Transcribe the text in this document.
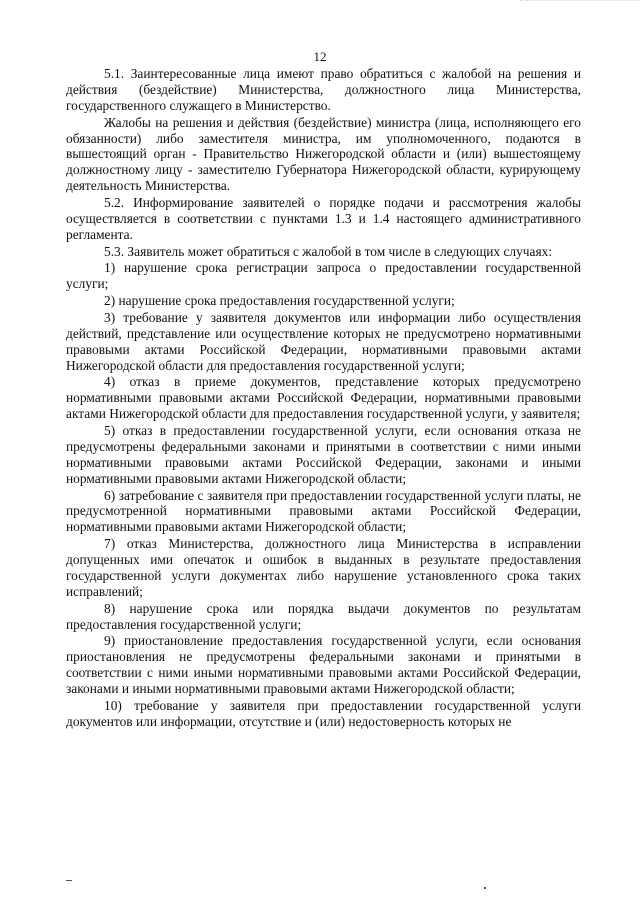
12

5.1. Заинтересованные лица имеют право обратиться с жалобой на решения и действия (бездействие) Министерства, должностного лица Министерства, государственного служащего в Министерство.

Жалобы на решения и действия (бездействие) министра (лица, исполняющего его обязанности) либо заместителя министра, им уполномоченного, подаются в вышестоящий орган - Правительство Нижегородской области и (или) вышестоящему должностному лицу - заместителю Губернатора Нижегородской области, курирующему деятельность Министерства.

5.2. Информирование заявителей о порядке подачи и рассмотрения жалобы осуществляется в соответствии с пунктами 1.3 и 1.4 настоящего административного регламента.

5.3. Заявитель может обратиться с жалобой в том числе в следующих случаях:

1) нарушение срока регистрации запроса о предоставлении государственной услуги;

2) нарушение срока предоставления государственной услуги;

3) требование у заявителя документов или информации либо осуществления действий, представление или осуществление которых не предусмотрено нормативными правовыми актами Российской Федерации, нормативными правовыми актами Нижегородской области для предоставления государственной услуги;

4) отказ в приеме документов, представление которых предусмотрено нормативными правовыми актами Российской Федерации, нормативными правовыми актами Нижегородской области для предоставления государственной услуги, у заявителя;

5) отказ в предоставлении государственной услуги, если основания отказа не предусмотрены федеральными законами и принятыми в соответствии с ними иными нормативными правовыми актами Российской Федерации, законами и иными нормативными правовыми актами Нижегородской области;

6) затребование с заявителя при предоставлении государственной услуги платы, не предусмотренной нормативными правовыми актами Российской Федерации, нормативными правовыми актами Нижегородской области;

7) отказ Министерства, должностного лица Министерства в исправлении допущенных ими опечаток и ошибок в выданных в результате предоставления государственной услуги документах либо нарушение установленного срока таких исправлений;

8) нарушение срока или порядка выдачи документов по результатам предоставления государственной услуги;

9) приостановление предоставления государственной услуги, если основания приостановления не предусмотрены федеральными законами и принятыми в соответствии с ними иными нормативными правовыми актами Российской Федерации, законами и иными нормативными правовыми актами Нижегородской области;

10) требование у заявителя при предоставлении государственной услуги документов или информации, отсутствие и (или) недостоверность которых не
